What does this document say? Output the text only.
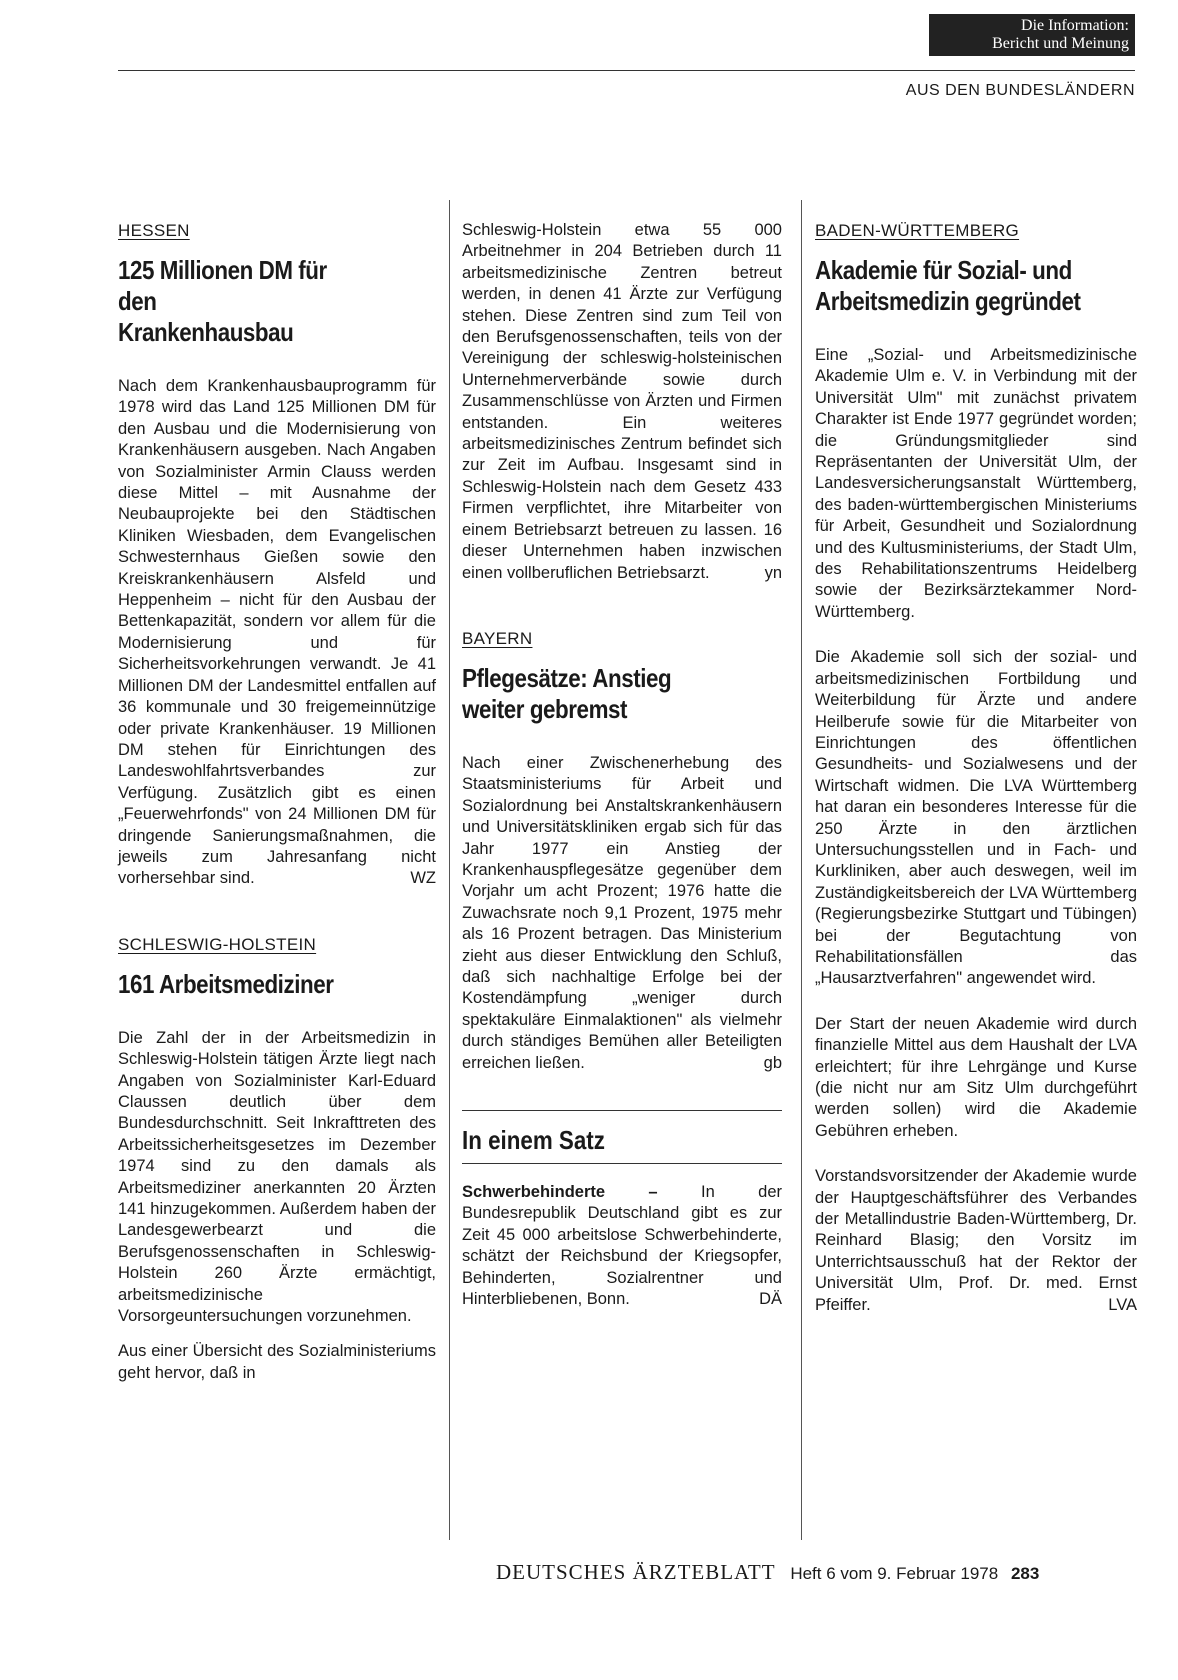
Die Information:
Bericht und Meinung
AUS DEN BUNDESLÄNDERN
HESSEN
125 Millionen DM für den Krankenhausbau

Nach dem Krankenhausbauprogramm für 1978 wird das Land 125 Millionen DM für den Ausbau und die Modernisierung von Krankenhäusern ausgeben. Nach Angaben von Sozialminister Armin Clauss werden diese Mittel – mit Ausnahme der Neubauprojekte bei den Städtischen Kliniken Wiesbaden, dem Evangelischen Schwesternhaus Gießen sowie den Kreiskrankenhäusern Alsfeld und Heppenheim – nicht für den Ausbau der Bettenkapazität, sondern vor allem für die Modernisierung und für Sicherheitsvorkehrungen verwandt. Je 41 Millionen DM der Landesmittel entfallen auf 36 kommunale und 30 freigemeinnützige oder private Krankenhäuser. 19 Millionen DM stehen für Einrichtungen des Landeswohlfahrtsverbandes zur Verfügung. Zusätzlich gibt es einen „Feuerwehrfonds" von 24 Millionen DM für dringende Sanierungsmaßnahmen, die jeweils zum Jahresanfang nicht vorhersehbar sind.	WZ

SCHLESWIG-HOLSTEIN
161 Arbeitsmediziner

Die Zahl der in der Arbeitsmedizin in Schleswig-Holstein tätigen Ärzte liegt nach Angaben von Sozialminister Karl-Eduard Claussen deutlich über dem Bundesdurchschnitt. Seit Inkrafttreten des Arbeitssicherheitsgesetzes im Dezember 1974 sind zu den damals als Arbeitsmediziner anerkannten 20 Ärzten 141 hinzugekommen. Außerdem haben der Landesgewerbearzt und die Berufsgenossenschaften in Schleswig-Holstein 260 Ärzte ermächtigt, arbeitsmedizinische Vorsorgeuntersuchungen vorzunehmen.

Aus einer Übersicht des Sozialministeriums geht hervor, daß in

Schleswig-Holstein etwa 55 000 Arbeitnehmer in 204 Betrieben durch 11 arbeitsmedizinische Zentren betreut werden, in denen 41 Ärzte zur Verfügung stehen. Diese Zentren sind zum Teil von den Berufsgenossenschaften, teils von der Vereinigung der schleswig-holsteinischen Unternehmerverbände sowie durch Zusammenschlüsse von Ärzten und Firmen entstanden. Ein weiteres arbeitsmedizinisches Zentrum befindet sich zur Zeit im Aufbau. Insgesamt sind in Schleswig-Holstein nach dem Gesetz 433 Firmen verpflichtet, ihre Mitarbeiter von einem Betriebsarzt betreuen zu lassen. 16 dieser Unternehmen haben inzwischen einen vollberuflichen Betriebsarzt.	yn

BAYERN
Pflegesätze: Anstieg weiter gebremst

Nach einer Zwischenerhebung des Staatsministeriums für Arbeit und Sozialordnung bei Anstaltskrankenhäusern und Universitätskliniken ergab sich für das Jahr 1977 ein Anstieg der Krankenhauspflegesätze gegenüber dem Vorjahr um acht Prozent; 1976 hatte die Zuwachsrate noch 9,1 Prozent, 1975 mehr als 16 Prozent betragen. Das Ministerium zieht aus dieser Entwicklung den Schluß, daß sich nachhaltige Erfolge bei der Kostendämpfung „weniger durch spektakuläre Einmalaktionen" als vielmehr durch ständiges Bemühen aller Beteiligten erreichen ließen.	gb

In einem Satz

Schwerbehinderte – In der Bundesrepublik Deutschland gibt es zur Zeit 45 000 arbeitslose Schwerbehinderte, schätzt der Reichsbund der Kriegsopfer, Behinderten, Sozialrentner und Hinterbliebenen, Bonn.	DÄ

BADEN-WÜRTTEMBERG
Akademie für Sozial- und Arbeitsmedizin gegründet

Eine „Sozial- und Arbeitsmedizinische Akademie Ulm e. V. in Verbindung mit der Universität Ulm" mit zunächst privatem Charakter ist Ende 1977 gegründet worden; die Gründungsmitglieder sind Repräsentanten der Universität Ulm, der Landesversicherungsanstalt Württemberg, des baden-württembergischen Ministeriums für Arbeit, Gesundheit und Sozialordnung und des Kultusministeriums, der Stadt Ulm, des Rehabilitationszentrums Heidelberg sowie der Bezirksärztekammer Nord-Württemberg.

Die Akademie soll sich der sozial- und arbeitsmedizinischen Fortbildung und Weiterbildung für Ärzte und andere Heilberufe sowie für die Mitarbeiter von Einrichtungen des öffentlichen Gesundheits- und Sozialwesens und der Wirtschaft widmen. Die LVA Württemberg hat daran ein besonderes Interesse für die 250 Ärzte in den ärztlichen Untersuchungsstellen und in Fach- und Kurkliniken, aber auch deswegen, weil im Zuständigkeitsbereich der LVA Württemberg (Regierungsbezirke Stuttgart und Tübingen) bei der Begutachtung von Rehabilitationsfällen das „Hausarztverfahren" angewendet wird.

Der Start der neuen Akademie wird durch finanzielle Mittel aus dem Haushalt der LVA erleichtert; für ihre Lehrgänge und Kurse (die nicht nur am Sitz Ulm durchgeführt werden sollen) wird die Akademie Gebühren erheben.

Vorstandsvorsitzender der Akademie wurde der Hauptgeschäftsführer des Verbandes der Metallindustrie Baden-Württemberg, Dr. Reinhard Blasig; den Vorsitz im Unterrichtsausschuß hat der Rektor der Universität Ulm, Prof. Dr. med. Ernst Pfeiffer.	LVA

DEUTSCHES ÄRZTEBLATT Heft 6 vom 9. Februar 1978 283
